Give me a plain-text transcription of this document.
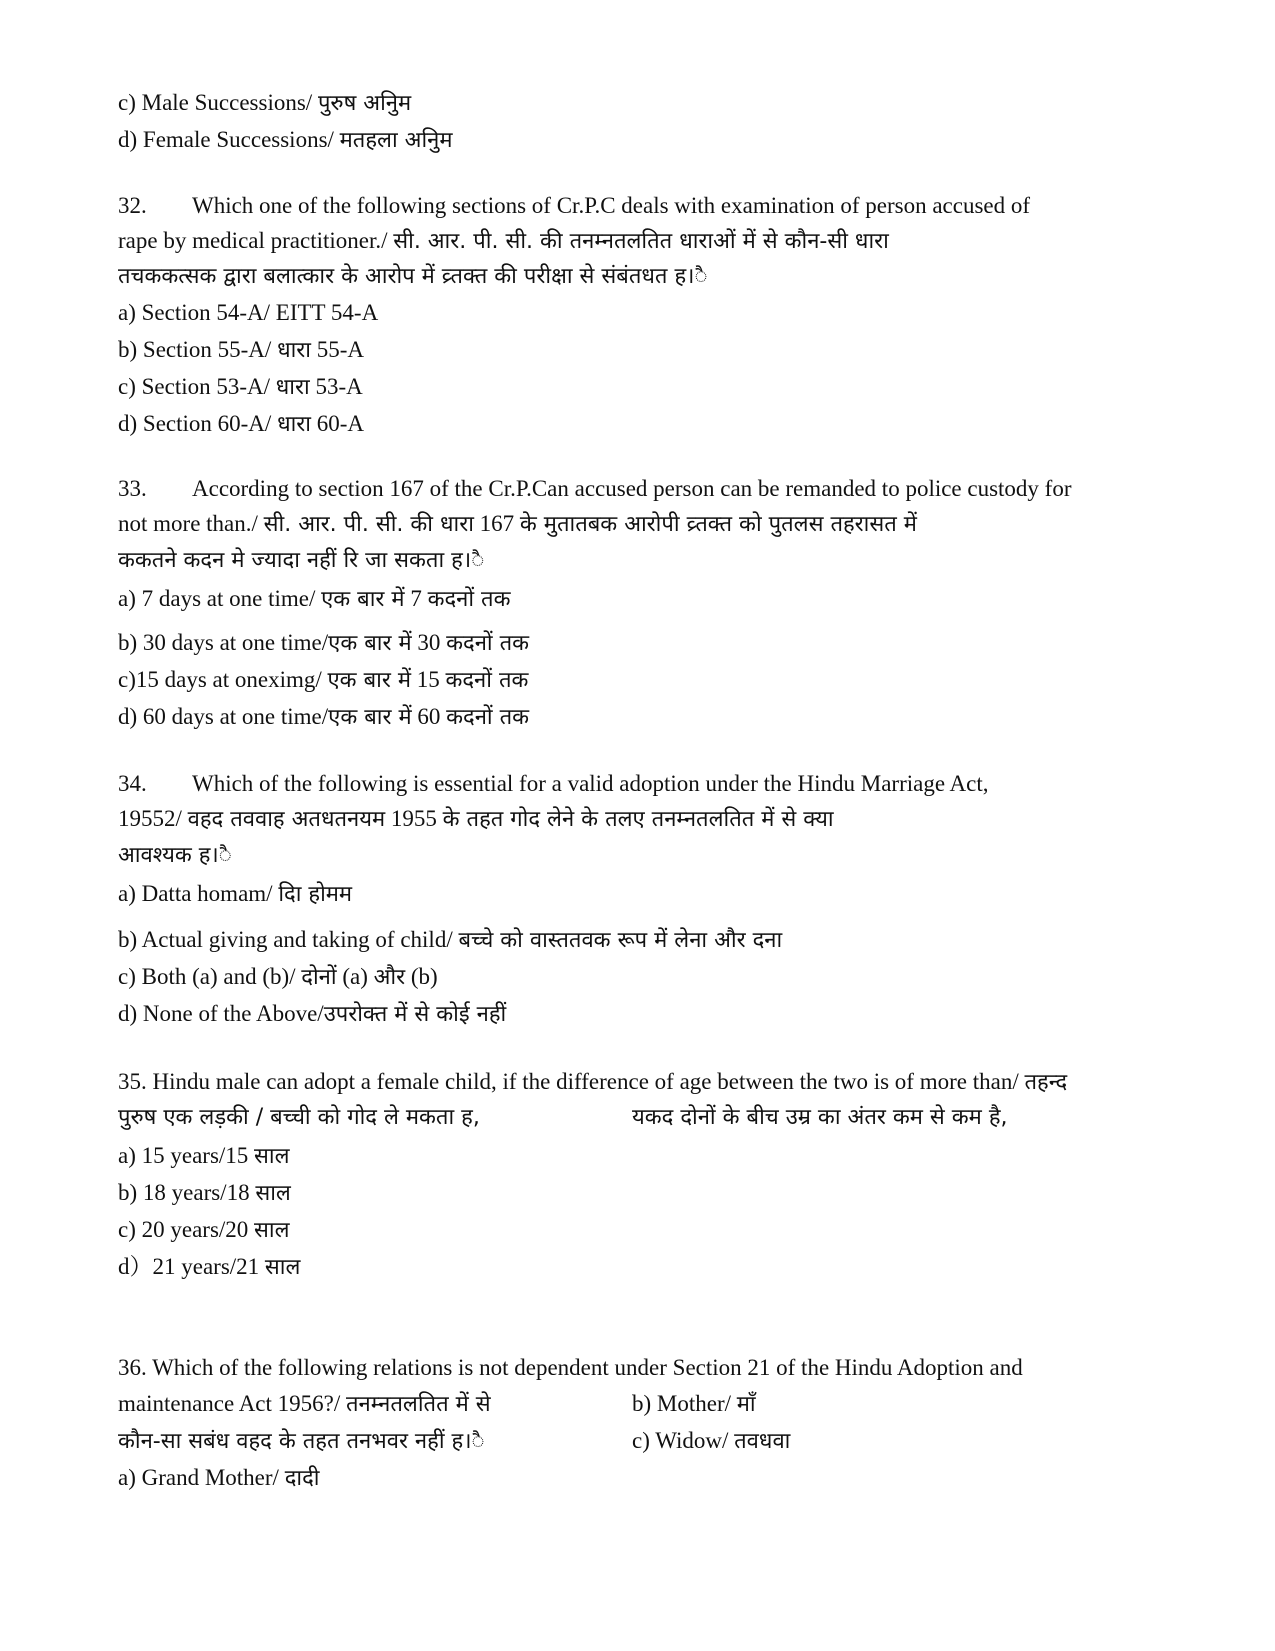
c) Male Successions/ पुरुष अनिुम
d) Female Successions/ मतहला अनिुम
32. Which one of the following sections of Cr.P.C deals with examination of person accused of
rape by medical practitioner./ सी. आर. पी. सी. की तनम्नतलतित धाराओं में से कौन-सी धारा
तचककत्सक द्वारा बलात्कार के आरोप में व्र्तक्त की परीक्षा से संबंतधत ह।ै
a) Section 54-A/ EITT 54-A
b) Section 55-A/ धारा 55-A
c) Section 53-A/ धारा 53-A
d) Section 60-A/ धारा 60-A
33. According to section 167 of the Cr.P.Can accused person can be remanded to police custody for
not more than./ सी. आर. पी. सी. की धारा 167 के मुतातबक आरोपी व्र्तक्त को पुतलस तहरासत में
ककतने कदन मे ज्यादा नहीं रि जा सकता ह।ै
a) 7 days at one time/ एक बार में 7 कदनों तक
b) 30 days at one time/एक बार में 30 कदनों तक
c)15 days at oneximg/ एक बार में 15 कदनों तक
d) 60 days at one time/एक बार में 60 कदनों तक
34. Which of the following is essential for a valid adoption under the Hindu Marriage Act,
19552/ वहद तववाह अतधतनयम 1955 के तहत गोद लेने के तलए तनम्नतलतित में से क्या
आवश्यक ह।ै
a) Datta homam/ दिा होमम
b) Actual giving and taking of child/ बच्चे को वास्ततवक रूप में लेना और दना
c) Both (a) and (b)/ दोनों (a) और (b)
d) None of the Above/उपरोक्त में से कोई नहीं
35. Hindu male can adopt a female child, if the difference of age between the two is of more than/ तहन्द
पुरुष एक लड़की / बच्ची को गोद ले मकता ह,	यकद दोनों के बीच उम्र का अंतर कम से कम है,
a) 15 years/15 साल
b) 18 years/18 साल
c) 20 years/20 साल
d）21 years/21 साल
36. Which of the following relations is not dependent under Section 21 of the Hindu Adoption and
maintenance Act 1956?/ तनम्नतलतित में से	b) Mother/ माँ
कौन-सा सबंध वहद के तहत तनभवर नहीं ह।ै	c) Widow/ तवधवा
a) Grand Mother/ दादी
